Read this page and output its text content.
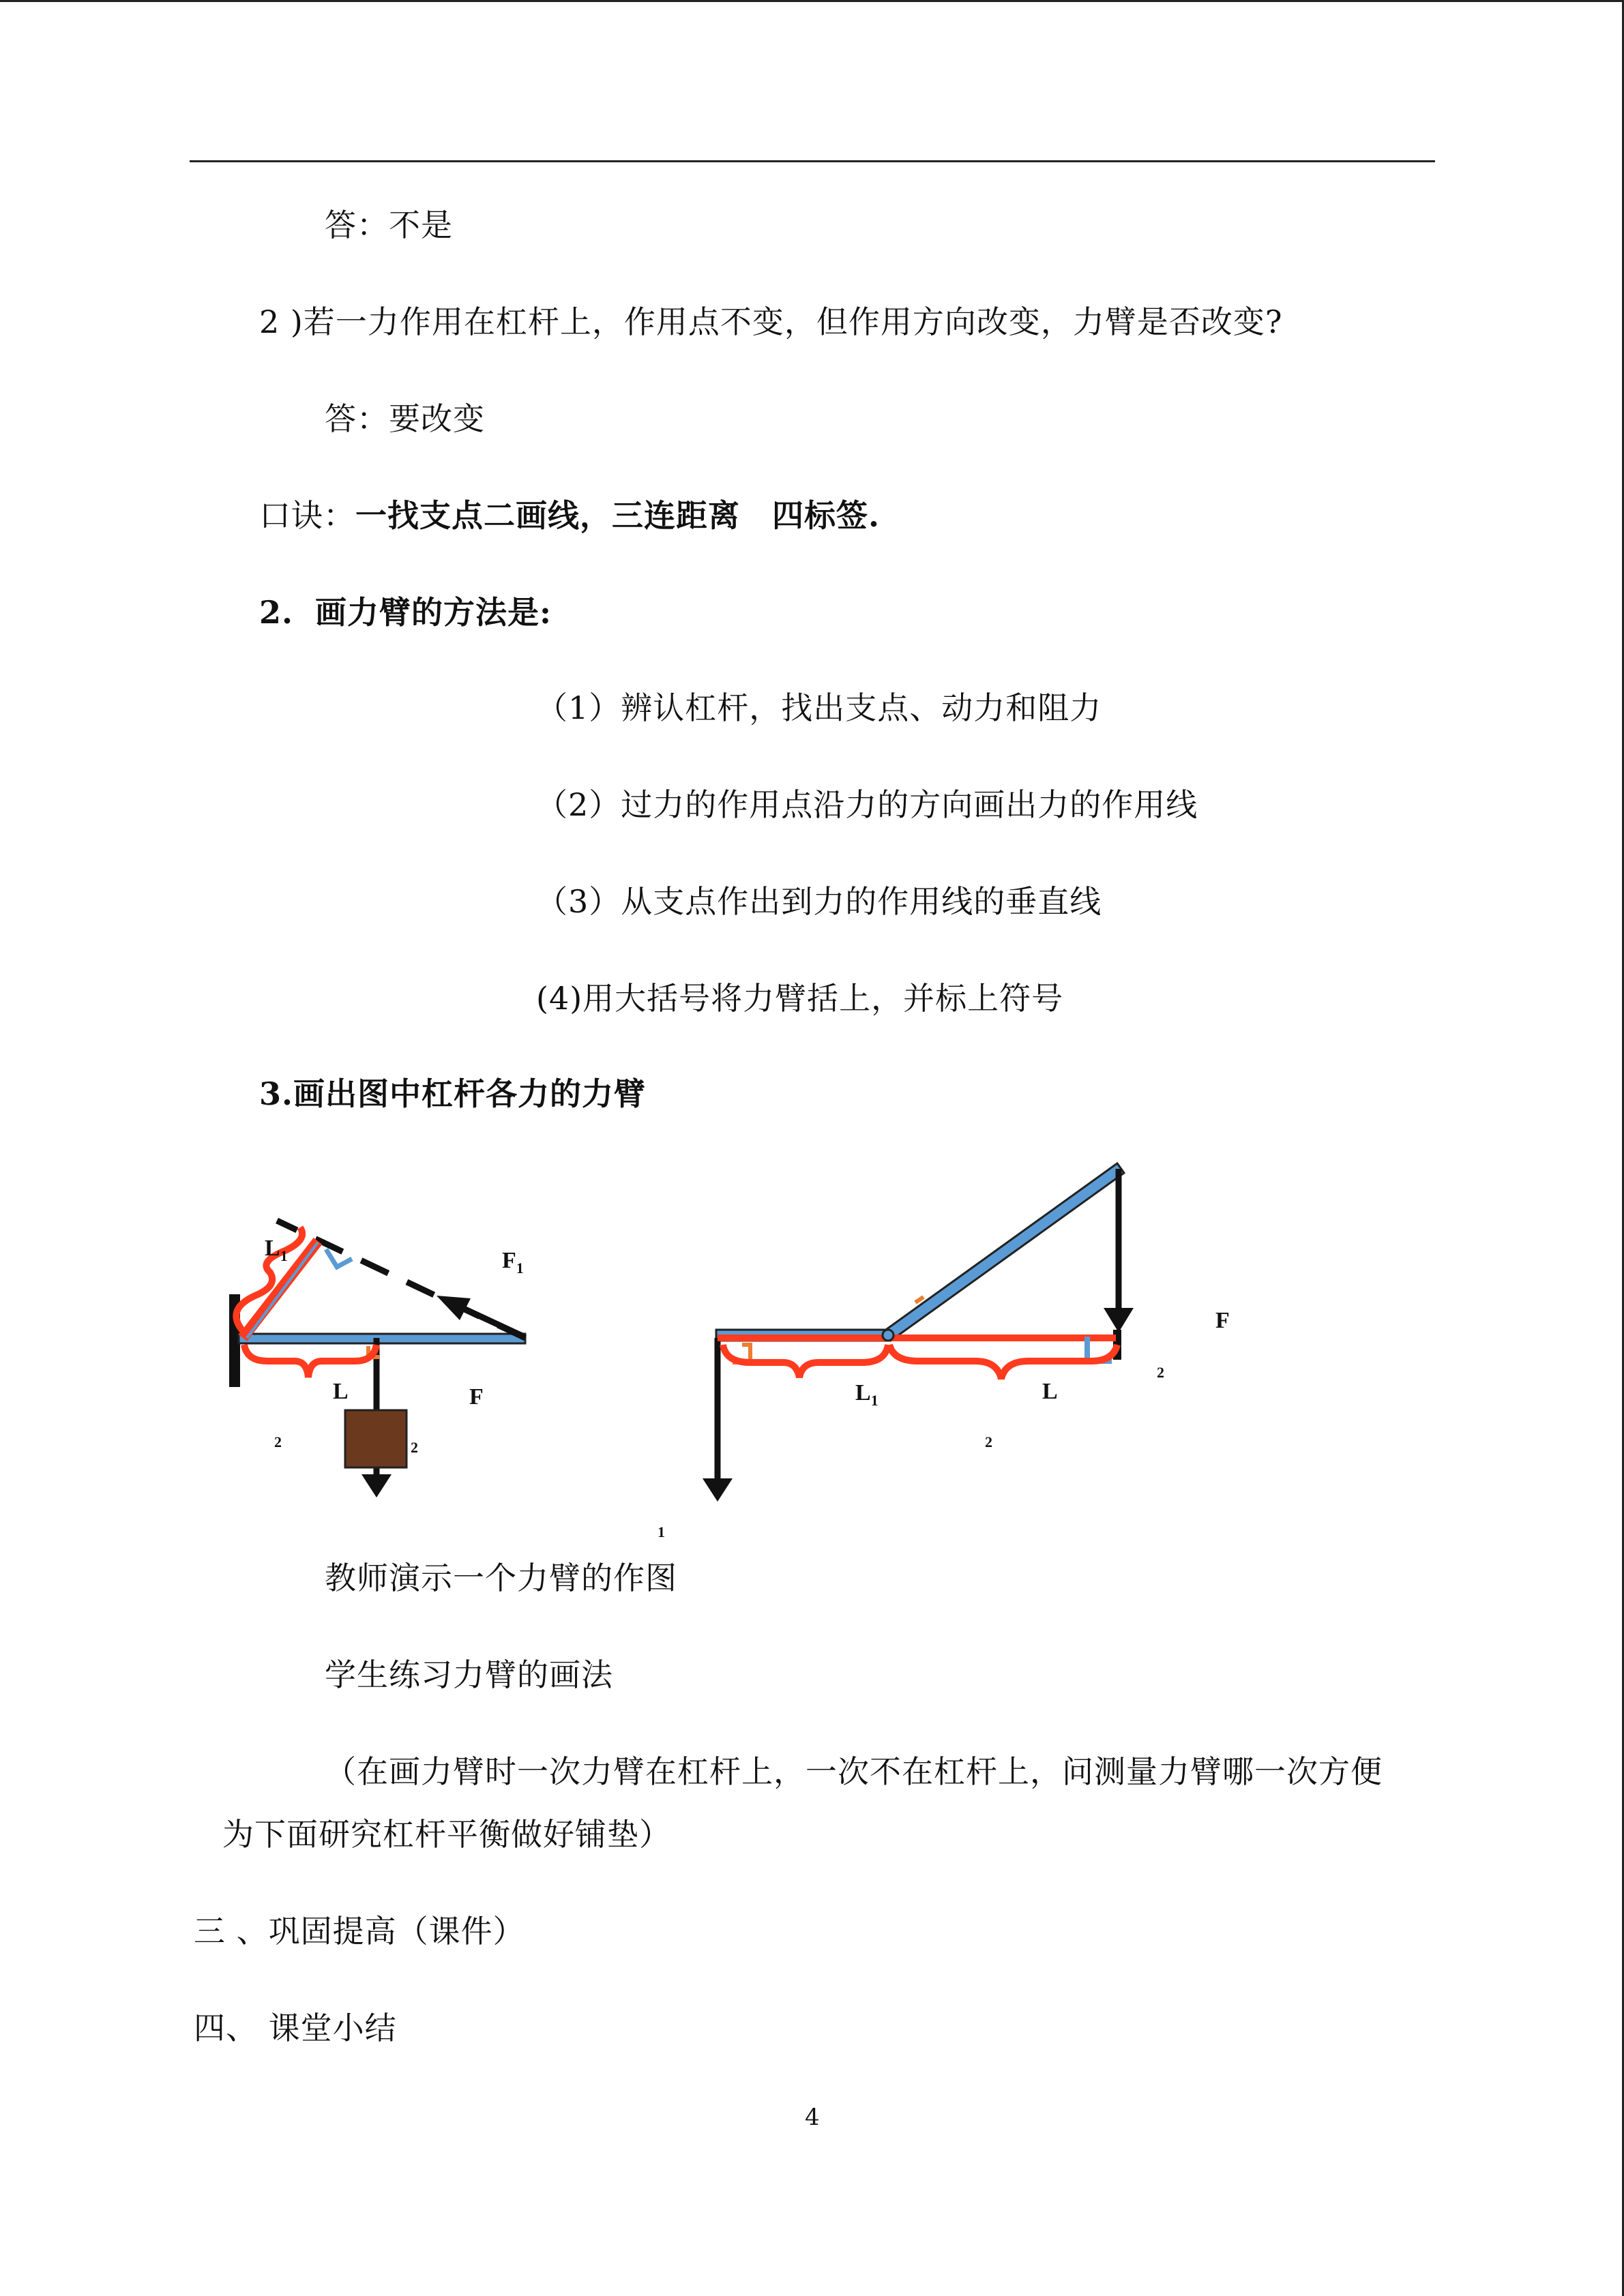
答：不是
2 )若一力作用在杠杆上，作用点不变，但作用方向改变，力臂是否改变?
答：要改变
口诀：一找支点二画线，三连距离　四标签.
2. 画力臂的方法是:
（1）辨认杠杆，找出支点、动力和阻力
（2）过力的作用点沿力的方向画出力的作用线
（3）从支点作出到力的作用线的垂直线
(4)用大括号将力臂括上，并标上符号
3.画出图中杠杆各力的力臂
$L_1$	$F_1$
L
2
F
2
F
2
$L_1$	L
2
1
教师演示一个力臂的作图
学生练习力臂的画法
（在画力臂时一次力臂在杠杆上，一次不在杠杆上，问测量力臂哪一次方便
为下面研究杠杆平衡做好铺垫）
三 、巩固提高（课件）
四、 课堂小结
4
